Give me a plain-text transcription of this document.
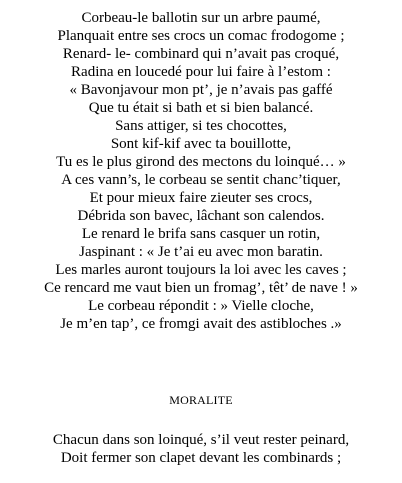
Corbeau-le ballotin sur un arbre paumé,
Planquait entre ses crocs un comac frodogome ;
Renard- le- combinard qui n’avait pas croqué,
Radina en loucedé pour lui faire à l’estom :
« Bavonjavour mon pt’, je n’avais pas gaffé
Que tu était si bath et si bien balancé.
Sans attiger, si tes chocottes,
Sont kif-kif avec ta bouillotte,
Tu es le plus girond des mectons du loinqué… »
A ces vann’s, le corbeau se sentit chanc’tiquer,
Et pour mieux faire zieuter ses crocs,
Débrida son bavec, lâchant son calendos.
Le renard le brifa sans casquer un rotin,
Jaspinant : « Je t’ai eu avec mon baratin.
Les marles auront toujours la loi avec les caves ;
Ce rencard me vaut bien un fromag’, têt’ de nave ! »
Le corbeau répondit : » Vielle cloche,
Je m’en tap’, ce fromgi avait des astibloches .»
MORALITE
Chacun dans son loinqué, s’il veut rester peinard,
Doit fermer son clapet devant les combinards ;
